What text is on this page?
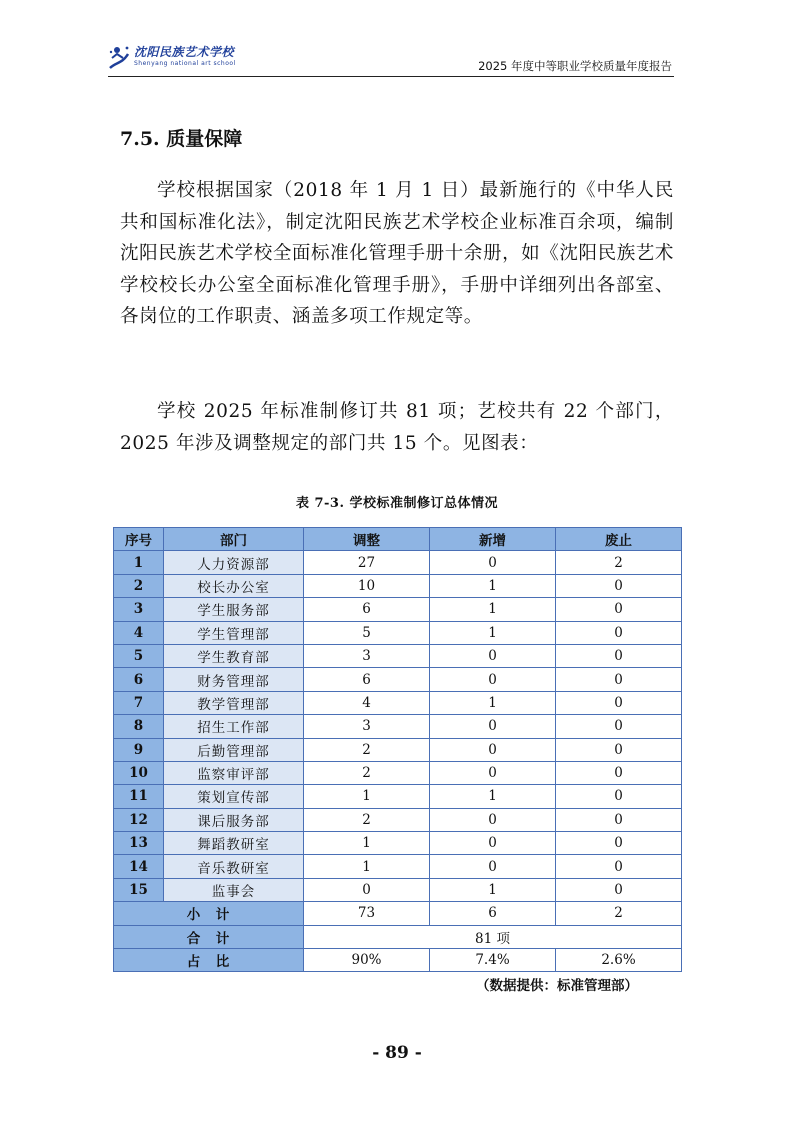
沈阳民族艺术学校
Shenyang national art school	2025 年度中等职业学校质量年度报告
7.5. 质量保障

学校根据国家（2018 年 1 月 1 日）最新施行的《中华人民共和国标准化法》，制定沈阳民族艺术学校企业标准百余项，编制沈阳民族艺术学校全面标准化管理手册十余册，如《沈阳民族艺术学校校长办公室全面标准化管理手册》，手册中详细列出各部室、各岗位的工作职责、涵盖多项工作规定等。

学校 2025 年标准制修订共 81 项；艺校共有 22 个部门，2025 年涉及调整规定的部门共 15 个。见图表：

表 7-3. 学校标准制修订总体情况
序号	部门	调整	新增	废止
1	人力资源部	27	0	2
2	校长办公室	10	1	0
3	学生服务部	6	1	0
4	学生管理部	5	1	0
5	学生教育部	3	0	0
6	财务管理部	6	0	0
7	教学管理部	4	1	0
8	招生工作部	3	0	0
9	后勤管理部	2	0	0
10	监察审评部	2	0	0
11	策划宣传部	1	1	0
12	课后服务部	2	0	0
13	舞蹈教研室	1	0	0
14	音乐教研室	1	0	0
15	监事会	0	1	0
小　计		73	6	2
合　计		81 项		
占　比		90%	7.4%	2.6%
（数据提供：标准管理部）
- 89 -
